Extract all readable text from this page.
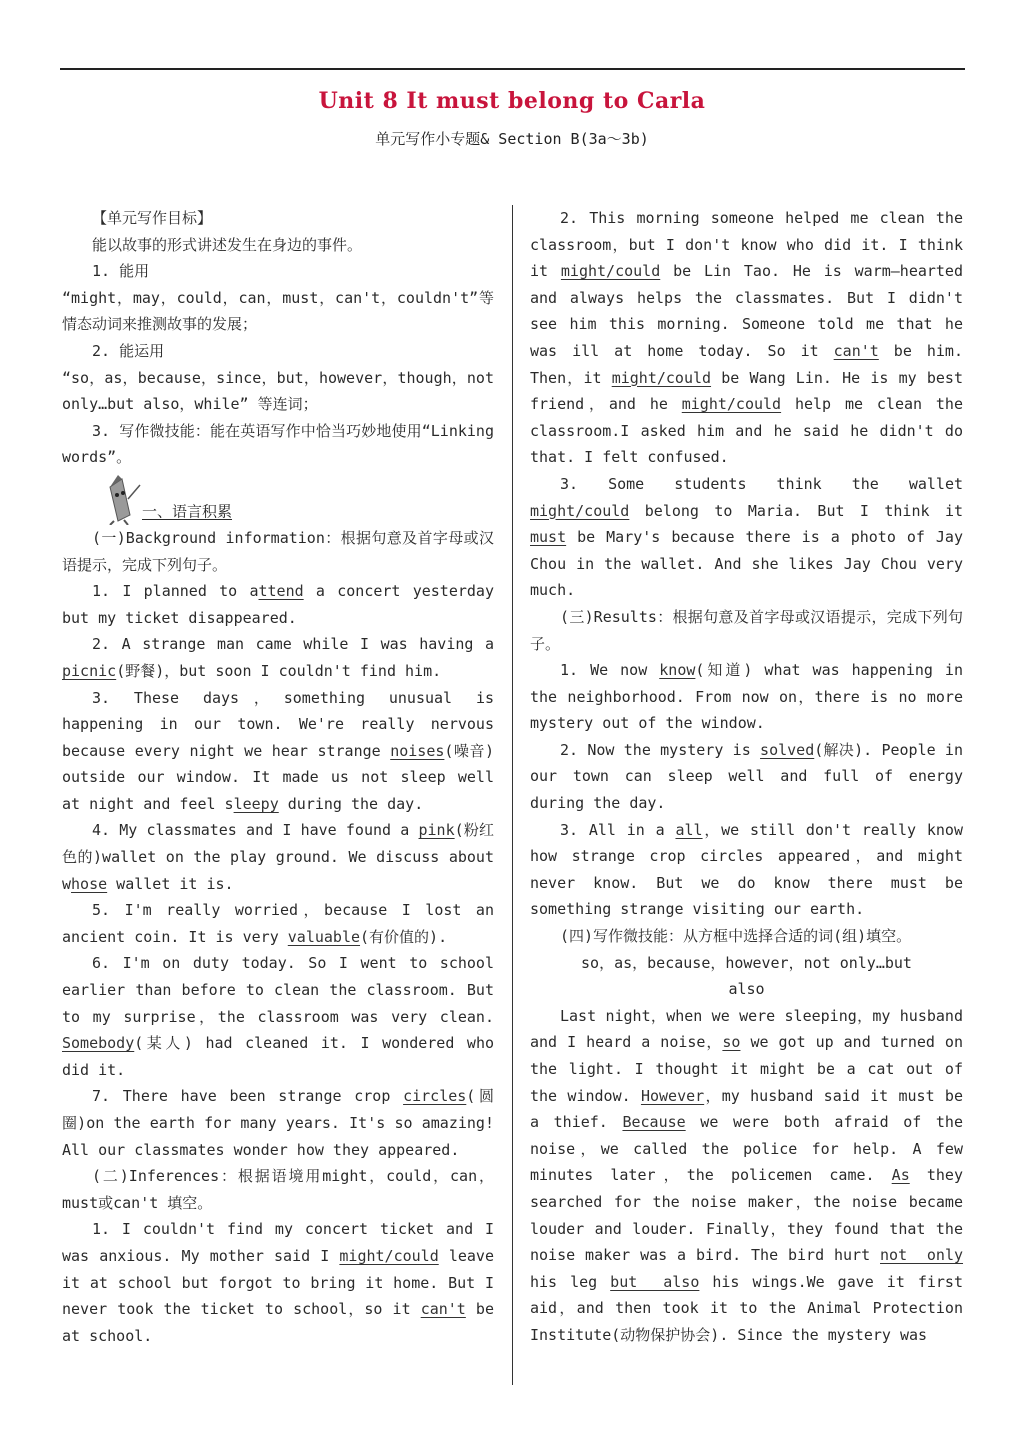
Unit 8 It must belong to Carla
单元写作小专题& Section B(3a～3b)

【单元写作目标】

能以故事的形式讲述发生在身边的事件。

1. 能用

“might，may，could，can，must，can't，couldn't”等情态动词来推测故事的发展；

2. 能运用

“so，as，because，since，but，however，though，not only…but also，while” 等连词；

3. 写作微技能：能在英语写作中恰当巧妙地使用“Linking words”。

一、语言积累

(一)Background information：根据句意及首字母或汉语提示，完成下列句子。

1. I planned to attend a concert yesterday but my ticket disappeared.

2. A strange man came while I was having a picnic(野餐)，but soon I couldn't find him.

3. These days，something unusual is happening in our town. We're really nervous because every night we hear strange noises(噪音) outside our window. It made us not sleep well at night and feel sleepy during the day.

4. My classmates and I have found a pink(粉红色的)wallet on the play ground. We discuss about whose wallet it is.

5. I'm really worried，because I lost an ancient coin. It is very valuable(有价值的).

6. I'm on duty today. So I went to school earlier than before to clean the classroom. But to my surprise，the classroom was very clean. Somebody(某人) had cleaned it. I wondered who did it.

7. There have been strange crop circles(圆圈)on the earth for many years. It's so amazing! All our classmates wonder how they appeared.

(二)Inferences：根据语境用might，could，can，must或can't 填空。

1. I couldn't find my concert ticket and I was anxious. My mother said I might/could leave it at school but forgot to bring it home. But I never took the ticket to school，so it can't be at school.

2. This morning someone helped me clean the classroom，but I don't know who did it. I think it might/could be Lin Tao. He is warm—hearted and always helps the classmates. But I didn't see him this morning. Someone told me that he was ill at home today. So it can't be him. Then，it might/could be Wang Lin. He is my best friend，and he might/could help me clean the classroom.I asked him and he said he didn't do that. I felt confused.

3. Some students think the wallet might/could belong to Maria. But I think it must be Mary's because there is a photo of Jay Chou in the wallet. And she likes Jay Chou very much.

(三)Results：根据句意及首字母或汉语提示，完成下列句子。

1. We now know(知道) what was happening in the neighborhood. From now on，there is no more mystery out of the window.

2. Now the mystery is solved(解决). People in our town can sleep well and full of energy during the day.

3. All in a all，we still don't really know how strange crop circles appeared，and might never know. But we do know there must be something strange visiting our earth.

(四)写作微技能：从方框中选择合适的词(组)填空。

so，as，because，however，not only…but also

Last night，when we were sleeping，my husband and I heard a noise，so we got up and turned on the light. I thought it might be a cat out of the window. However，my husband said it must be a thief. Because we were both afraid of the noise，we called the police for help. A few minutes later，the policemen came. As they searched for the noise maker，the noise became louder and louder. Finally，they found that the noise maker was a bird. The bird hurt not  only his leg but  also his wings.We gave it first aid，and then took it to the Animal Protection Institute(动物保护协会). Since the mystery was
